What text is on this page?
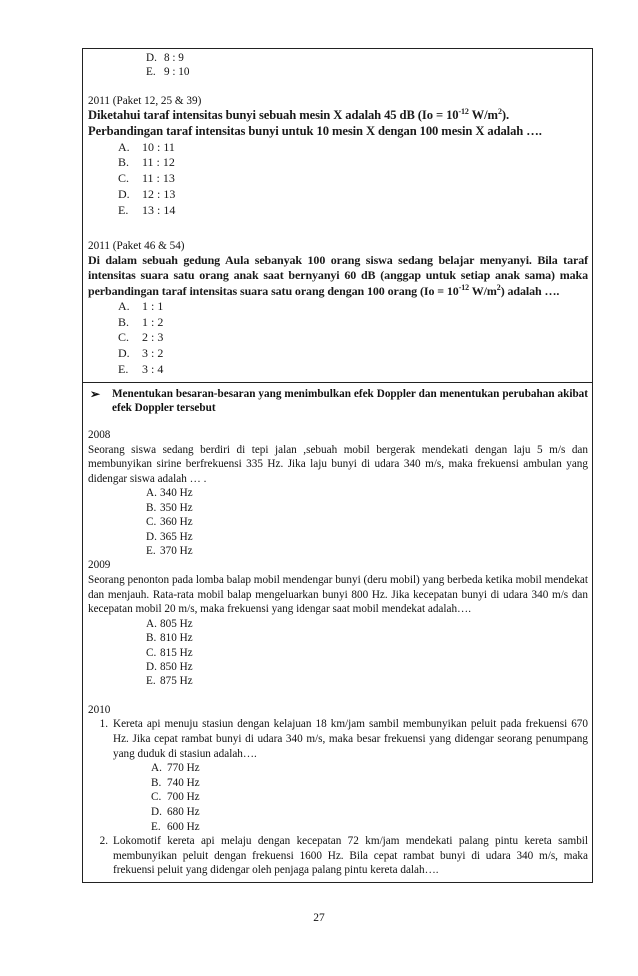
D. 8 : 9
E. 9 : 10
2011 (Paket 12, 25 & 39)
Diketahui taraf intensitas bunyi sebuah mesin X adalah 45 dB ($Io = 10^{-12}$ $W/m^2$).
Perbandingan taraf intensitas bunyi untuk 10 mesin X dengan 100 mesin X adalah ….
A.	10 : 11
B.	11 : 12
C.	11 : 13
D.	12 : 13
E.	13 : 14
2011 (Paket 46 & 54)
Di dalam sebuah gedung Aula sebanyak 100 orang siswa sedang belajar menyanyi. Bila taraf intensitas suara satu orang anak saat bernyanyi 60 dB (anggap untuk setiap anak sama) maka perbandingan taraf intensitas suara satu orang dengan 100 orang ($Io = 10^{-12}$ $W/m^2$) adalah ….
A.	1 : 1
B.	1 : 2
C.	2 : 3
D.	3 : 2
E.	3 : 4
➢	Menentukan besaran-besaran yang menimbulkan efek Doppler dan menentukan perubahan akibat efek Doppler tersebut
2008
Seorang siswa sedang berdiri di tepi jalan ,sebuah mobil bergerak mendekati dengan laju 5 m/s dan membunyikan sirine berfrekuensi 335 Hz. Jika laju bunyi di udara 340 m/s, maka frekuensi ambulan yang didengar siswa adalah … .
A. 340 Hz
B. 350 Hz
C. 360 Hz
D. 365 Hz
E. 370 Hz
2009
Seorang penonton pada lomba balap mobil mendengar bunyi (deru mobil) yang berbeda ketika mobil mendekat dan menjauh. Rata-rata mobil balap mengeluarkan bunyi 800 Hz. Jika kecepatan bunyi di udara 340 m/s dan kecepatan mobil 20 m/s, maka frekuensi yang idengar saat mobil mendekat adalah….
A. 805 Hz
B. 810 Hz
C. 815 Hz
D. 850 Hz
E. 875 Hz
2010
1. Kereta api menuju stasiun dengan kelajuan 18 km/jam sambil membunyikan peluit pada frekuensi 670 Hz. Jika cepat rambat bunyi di udara 340 m/s, maka besar frekuensi yang didengar seorang penumpang yang duduk di stasiun adalah….
A. 770 Hz
B. 740 Hz
C. 700 Hz
D. 680 Hz
E. 600 Hz
2. Lokomotif kereta api melaju dengan kecepatan 72 km/jam mendekati palang pintu kereta sambil membunyikan peluit dengan frekuensi 1600 Hz. Bila cepat rambat bunyi di udara 340 m/s, maka frekuensi peluit yang didengar oleh penjaga palang pintu kereta dalah….
27
